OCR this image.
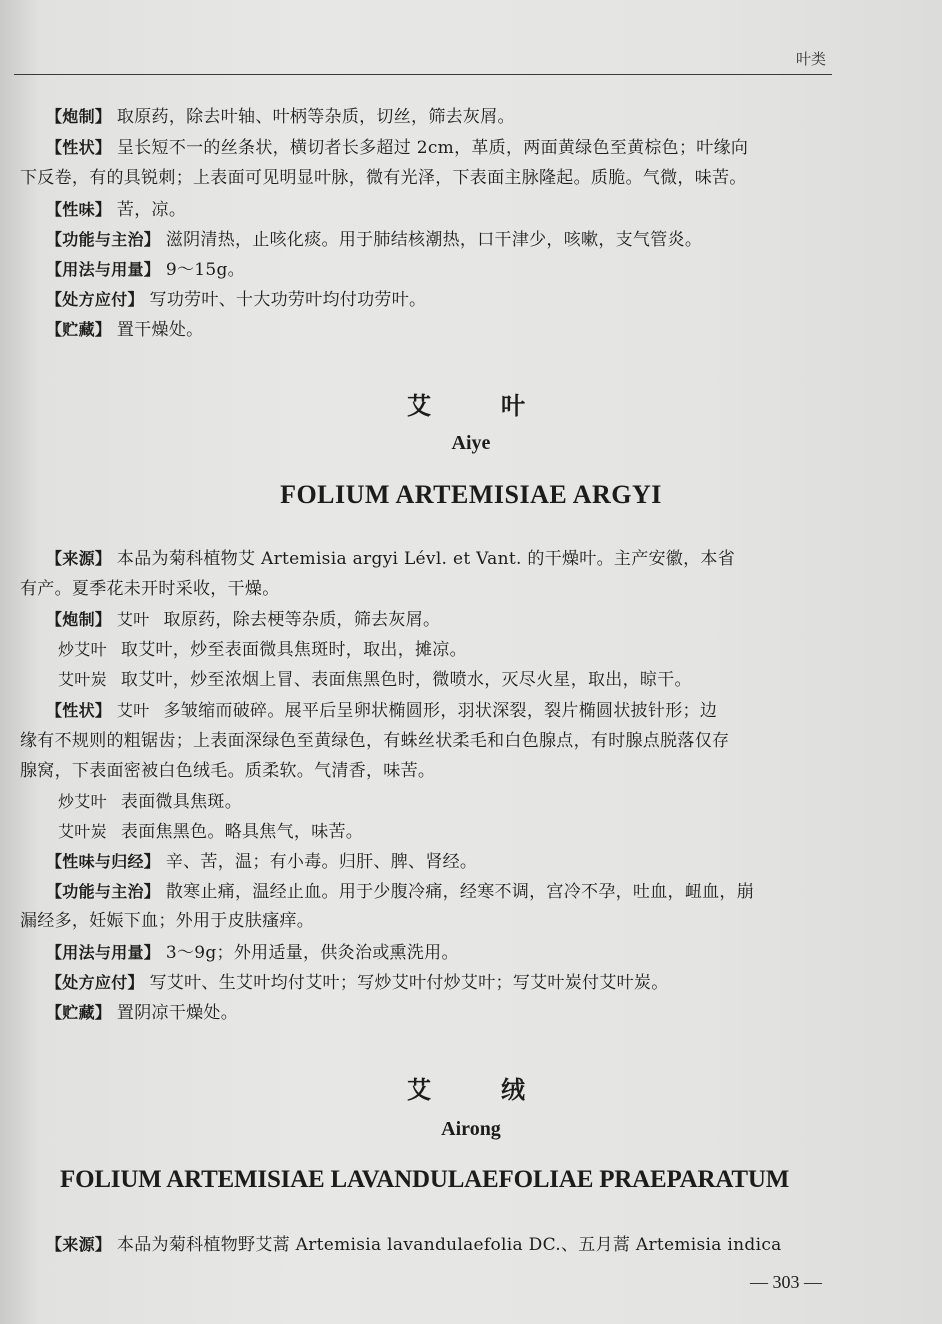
叶类
【炮制】 取原药，除去叶轴、叶柄等杂质，切丝，筛去灰屑。
【性状】 呈长短不一的丝条状，横切者长多超过 2cm，革质，两面黄绿色至黄棕色；叶缘向
下反卷，有的具锐刺；上表面可见明显叶脉，微有光泽，下表面主脉隆起。质脆。气微，味苦。
【性味】 苦，凉。
【功能与主治】 滋阴清热，止咳化痰。用于肺结核潮热，口干津少，咳嗽，支气管炎。
【用法与用量】 9～15g。
【处方应付】 写功劳叶、十大功劳叶均付功劳叶。
【贮藏】 置干燥处。
艾叶
Aiye
FOLIUM ARTEMISIAE ARGYI
【来源】 本品为菊科植物艾 Artemisia argyi Lévl. et Vant. 的干燥叶。主产安徽，本省
有产。夏季花未开时采收，干燥。
【炮制】 艾叶 取原药，除去梗等杂质，筛去灰屑。
炒艾叶 取艾叶，炒至表面微具焦斑时，取出，摊凉。
艾叶炭 取艾叶，炒至浓烟上冒、表面焦黑色时，微喷水，灭尽火星，取出，晾干。
【性状】 艾叶 多皱缩而破碎。展平后呈卵状椭圆形，羽状深裂，裂片椭圆状披针形；边
缘有不规则的粗锯齿；上表面深绿色至黄绿色，有蛛丝状柔毛和白色腺点，有时腺点脱落仅存
腺窝，下表面密被白色绒毛。质柔软。气清香，味苦。
炒艾叶 表面微具焦斑。
艾叶炭 表面焦黑色。略具焦气，味苦。
【性味与归经】 辛、苦，温；有小毒。归肝、脾、肾经。
【功能与主治】 散寒止痛，温经止血。用于少腹冷痛，经寒不调，宫冷不孕，吐血，衄血，崩
漏经多，妊娠下血；外用于皮肤瘙痒。
【用法与用量】 3～9g；外用适量，供灸治或熏洗用。
【处方应付】 写艾叶、生艾叶均付艾叶；写炒艾叶付炒艾叶；写艾叶炭付艾叶炭。
【贮藏】 置阴凉干燥处。
艾绒
Airong
FOLIUM ARTEMISIAE LAVANDULAEFOLIAE PRAEPARATUM
【来源】 本品为菊科植物野艾蒿 Artemisia lavandulaefolia DC.、五月蒿 Artemisia indica
— 303 —
